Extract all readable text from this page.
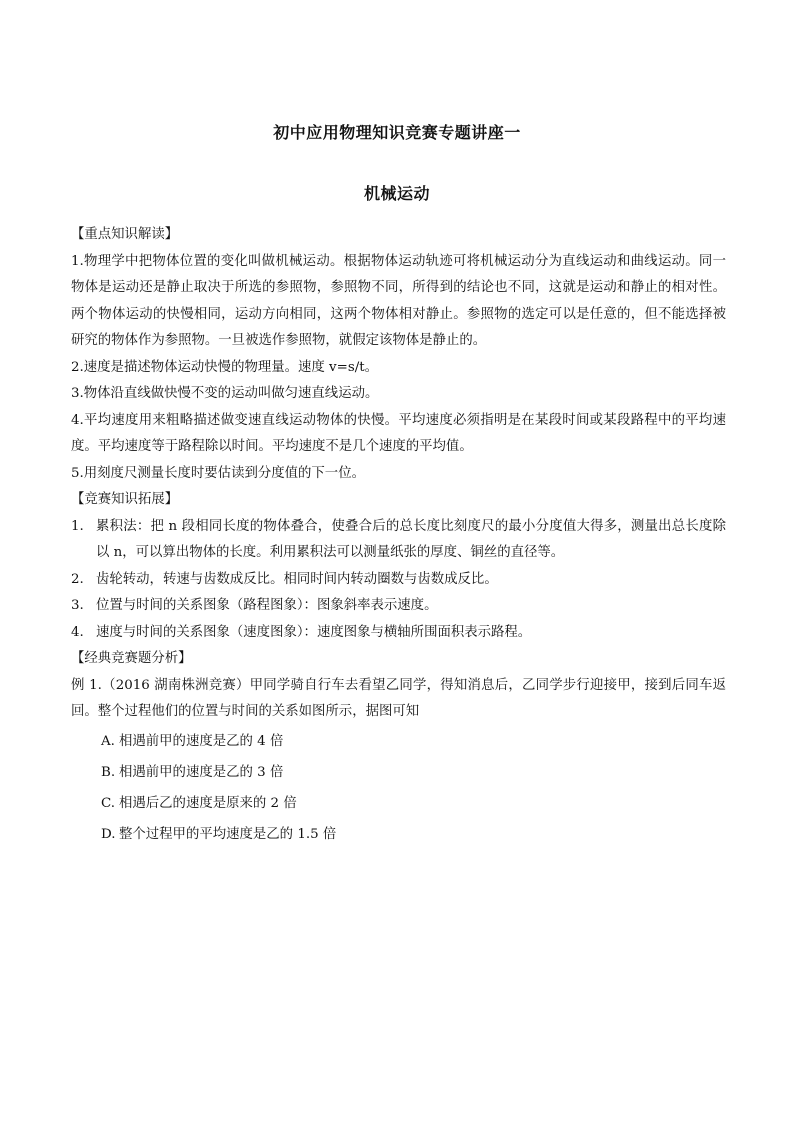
初中应用物理知识竞赛专题讲座一
机械运动
【重点知识解读】
1.物理学中把物体位置的变化叫做机械运动。根据物体运动轨迹可将机械运动分为直线运动和曲线运动。同一物体是运动还是静止取决于所选的参照物，参照物不同，所得到的结论也不同，这就是运动和静止的相对性。两个物体运动的快慢相同，运动方向相同，这两个物体相对静止。参照物的选定可以是任意的，但不能选择被研究的物体作为参照物。一旦被选作参照物，就假定该物体是静止的。
2.速度是描述物体运动快慢的物理量。速度 v=s/t。
3.物体沿直线做快慢不变的运动叫做匀速直线运动。
4.平均速度用来粗略描述做变速直线运动物体的快慢。平均速度必须指明是在某段时间或某段路程中的平均速度。平均速度等于路程除以时间。平均速度不是几个速度的平均值。
5.用刻度尺测量长度时要估读到分度值的下一位。
【竞赛知识拓展】
1. 累积法：把 n 段相同长度的物体叠合，使叠合后的总长度比刻度尺的最小分度值大得多，测量出总长度除以 n，可以算出物体的长度。利用累积法可以测量纸张的厚度、铜丝的直径等。
2. 齿轮转动，转速与齿数成反比。相同时间内转动圈数与齿数成反比。
3. 位置与时间的关系图象（路程图象）：图象斜率表示速度。
4. 速度与时间的关系图象（速度图象）：速度图象与横轴所围面积表示路程。
【经典竞赛题分析】
例 1.（2016 湖南株洲竞赛）甲同学骑自行车去看望乙同学，得知消息后，乙同学步行迎接甲，接到后同车返回。整个过程他们的位置与时间的关系如图所示，据图可知
A. 相遇前甲的速度是乙的 4 倍
B. 相遇前甲的速度是乙的 3 倍
C. 相遇后乙的速度是原来的 2 倍
D. 整个过程甲的平均速度是乙的 1.5 倍
